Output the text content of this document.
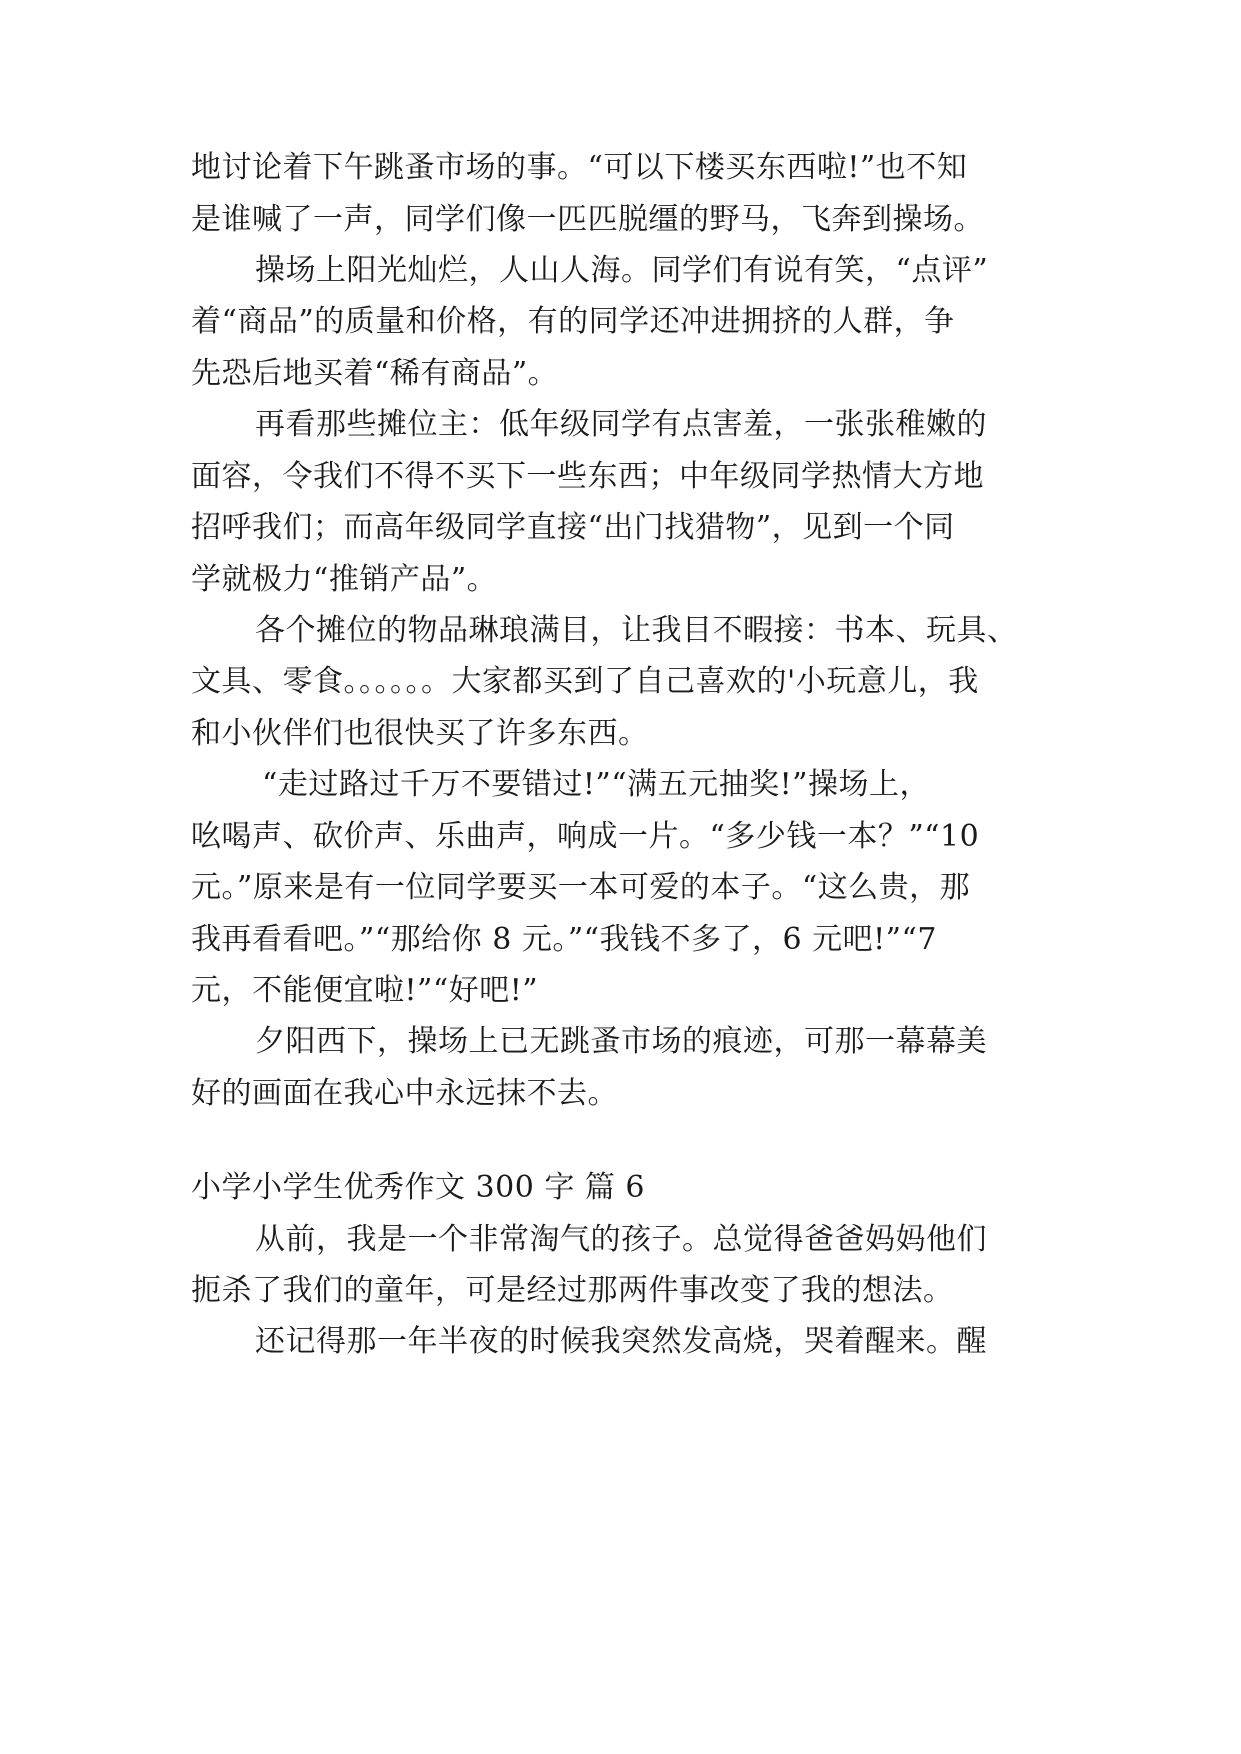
地讨论着下午跳蚤市场的事。“可以下楼买东西啦!”也不知
是谁喊了一声，同学们像一匹匹脱缰的野马，飞奔到操场。
操场上阳光灿烂，人山人海。同学们有说有笑，“点评”
着“商品”的质量和价格，有的同学还冲进拥挤的人群，争
先恐后地买着“稀有商品”。
再看那些摊位主：低年级同学有点害羞，一张张稚嫩的
面容，令我们不得不买下一些东西；中年级同学热情大方地
招呼我们；而高年级同学直接“出门找猎物”，见到一个同
学就极力“推销产品”。
各个摊位的物品琳琅满目，让我目不暇接：书本、玩具、
文具、零食。。。。。。大家都买到了自己喜欢的'小玩意儿，我
和小伙伴们也很快买了许多东西。
“走过路过千万不要错过!”“满五元抽奖!”操场上，
吆喝声、砍价声、乐曲声，响成一片。“多少钱一本？”“10
元。”原来是有一位同学要买一本可爱的本子。“这么贵，那
我再看看吧。”“那给你 8 元。”“我钱不多了，6 元吧!”“7
元，不能便宜啦!”“好吧!”
夕阳西下，操场上已无跳蚤市场的痕迹，可那一幕幕美
好的画面在我心中永远抹不去。
小学小学生优秀作文 300 字 篇 6
从前，我是一个非常淘气的孩子。总觉得爸爸妈妈他们
扼杀了我们的童年，可是经过那两件事改变了我的想法。
还记得那一年半夜的时候我突然发高烧，哭着醒来。醒
